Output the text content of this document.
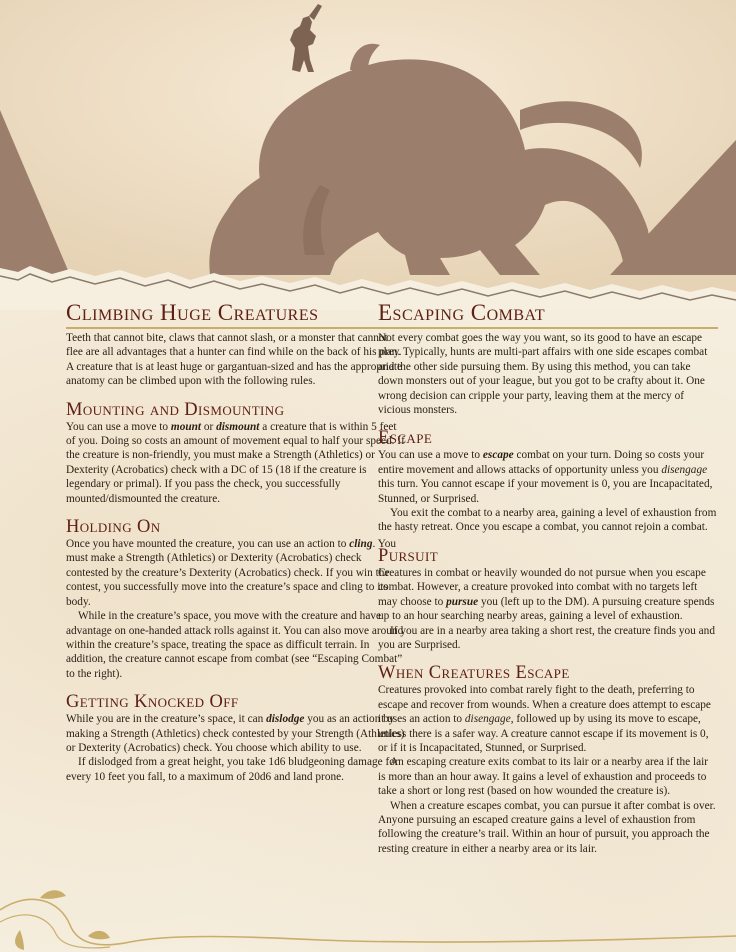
Climbing Huge Creatures

Teeth that cannot bite, claws that cannot slash, or a monster that cannot flee are all advantages that a hunter can find while on the back of his prey. A creature that is at least huge or gargantuan-sized and has the appropriate anatomy can be climbed upon with the following rules.

Mounting and Dismounting

You can use a move to mount or dismount a creature that is within 5 feet of you. Doing so costs an amount of movement equal to half your speed. If the creature is non-friendly, you must make a Strength (Athletics) or Dexterity (Acrobatics) check with a DC of 15 (18 if the creature is legendary or primal). If you pass the check, you successfully mounted/dismounted the creature.

Holding On

Once you have mounted the creature, you can use an action to cling. You must make a Strength (Athletics) or Dexterity (Acrobatics) check contested by the creature’s Dexterity (Acrobatics) check. If you win the contest, you successfully move into the creature’s space and cling to its body.

While in the creature’s space, you move with the creature and have advantage on one-handed attack rolls against it. You can also move around within the creature’s space, treating the space as difficult terrain. In addition, the creature cannot escape from combat (see “Escaping Combat” to the right).

Getting Knocked Off

While you are in the creature’s space, it can dislodge you as an action by making a Strength (Athletics) check contested by your Strength (Athletics) or Dexterity (Acrobatics) check. You choose which ability to use.

If dislodged from a great height, you take 1d6 bludgeoning damage for every 10 feet you fall, to a maximum of 20d6 and land prone.

Escaping Combat

Not every combat goes the way you want, so its good to have an escape plan. Typically, hunts are multi-part affairs with one side escapes combat and the other side pursuing them. By using this method, you can take down monsters out of your league, but you got to be crafty about it. One wrong decision can cripple your party, leaving them at the mercy of vicious monsters.

Escape

You can use a move to escape combat on your turn. Doing so costs your entire movement and allows attacks of opportunity unless you disengage this turn. You cannot escape if your movement is 0, you are Incapacitated, Stunned, or Surprised.

You exit the combat to a nearby area, gaining a level of exhaustion from the hasty retreat. Once you escape a combat, you cannot rejoin a combat.

Pursuit

Creatures in combat or heavily wounded do not pursue when you escape combat. However, a creature provoked into combat with no targets left may choose to pursue you (left up to the DM). A pursuing creature spends up to an hour searching nearby areas, gaining a level of exhaustion.

If you are in a nearby area taking a short rest, the creature finds you and you are Surprised.

When Creatures Escape

Creatures provoked into combat rarely fight to the death, preferring to escape and recover from wounds. When a creature does attempt to escape it uses an action to disengage, followed up by using its move to escape, unless there is a safer way. A creature cannot escape if its movement is 0, or if it is Incapacitated, Stunned, or Surprised.

An escaping creature exits combat to its lair or a nearby area if the lair is more than an hour away. It gains a level of exhaustion and proceeds to take a short or long rest (based on how wounded the creature is).

When a creature escapes combat, you can pursue it after combat is over. Anyone pursuing an escaped creature gains a level of exhaustion from following the creature’s trail. Within an hour of pursuit, you approach the resting creature in either a nearby area or its lair.
